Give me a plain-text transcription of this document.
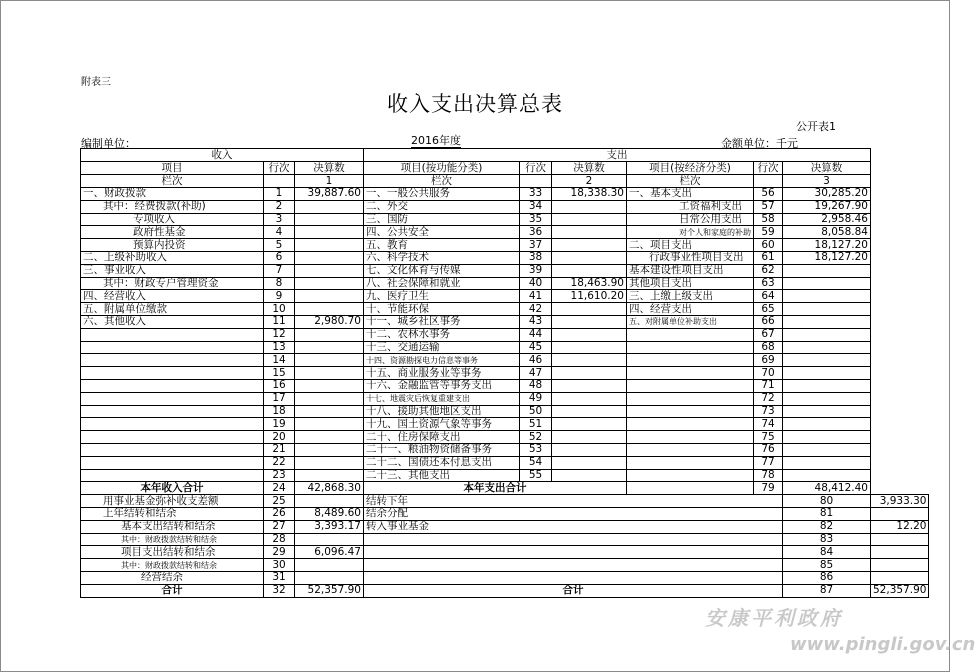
附表三
收入支出决算总表
公开表1
编制单位：	2016年度	金额单位：千元
收入			支出						
项目	行次	决算数	项目(按功能分类)	行次	决算数	项目(按经济分类)	行次	决算数	
栏次		1	栏次		2	栏次		3	
一、财政拨款	1	39,887.60	一、一般公共服务	33	18,338.30	一、基本支出	56	30,285.20	
其中：经费拨款(补助)	2		二、外交	34		工资福利支出	57	19,267.90	
专项收入	3		三、国防	35		日常公用支出	58	2,958.46	
政府性基金	4		四、公共安全	36		对个人和家庭的补助	59	8,058.84	
预算内投资	5		五、教育	37		二、项目支出	60	18,127.20	
二、上级补助收入	6		六、科学技术	38		行政事业性项目支出	61	18,127.20	
三、事业收入	7		七、文化体育与传媒	39		基本建设性项目支出	62		
其中：财政专户管理资金	8		八、社会保障和就业	40	18,463.90	其他项目支出	63		
四、经营收入	9		九、医疗卫生	41	11,610.20	三、上缴上级支出	64		
五、附属单位缴款	10		十、节能环保	42		四、经营支出	65		
六、其他收入	11	2,980.70	十一、城乡社区事务	43		五、对附属单位补助支出	66		
	12		十二、农林水事务	44			67		
	13		十三、交通运输	45			68		
	14		十四、资源勘探电力信息等事务	46			69		
	15		十五、商业服务业等事务	47			70		
	16		十六、金融监管等事务支出	48			71		
	17		十七、地震灾后恢复重建支出	49			72		
	18		十八、援助其他地区支出	50			73		
	19		十九、国土资源气象等事务	51			74		
	20		二十、住房保障支出	52			75		
	21		二十一、粮油物资储备事务	53			76		
	22		二十二、国债还本付息支出	54			77		
	23		二十三、其他支出	55			78		
本年收入合计	24	42,868.30	本年支出合计				79	48,412.40	
用事业基金弥补收支差额	25		结转下年					80	3,933.30
上年结转和结余	26	8,489.60	结余分配					81	
基本支出结转和结余	27	3,393.17	转入事业基金					82	12.20
其中：财政拨款结转和结余	28							83	
项目支出结转和结余	29	6,096.47						84	
其中：财政拨款结转和结余	30							85	
经营结余	31							86	
合计	32	52,357.90	合计					87	52,357.90
安康平利政府
www.pingli.gov.cn
